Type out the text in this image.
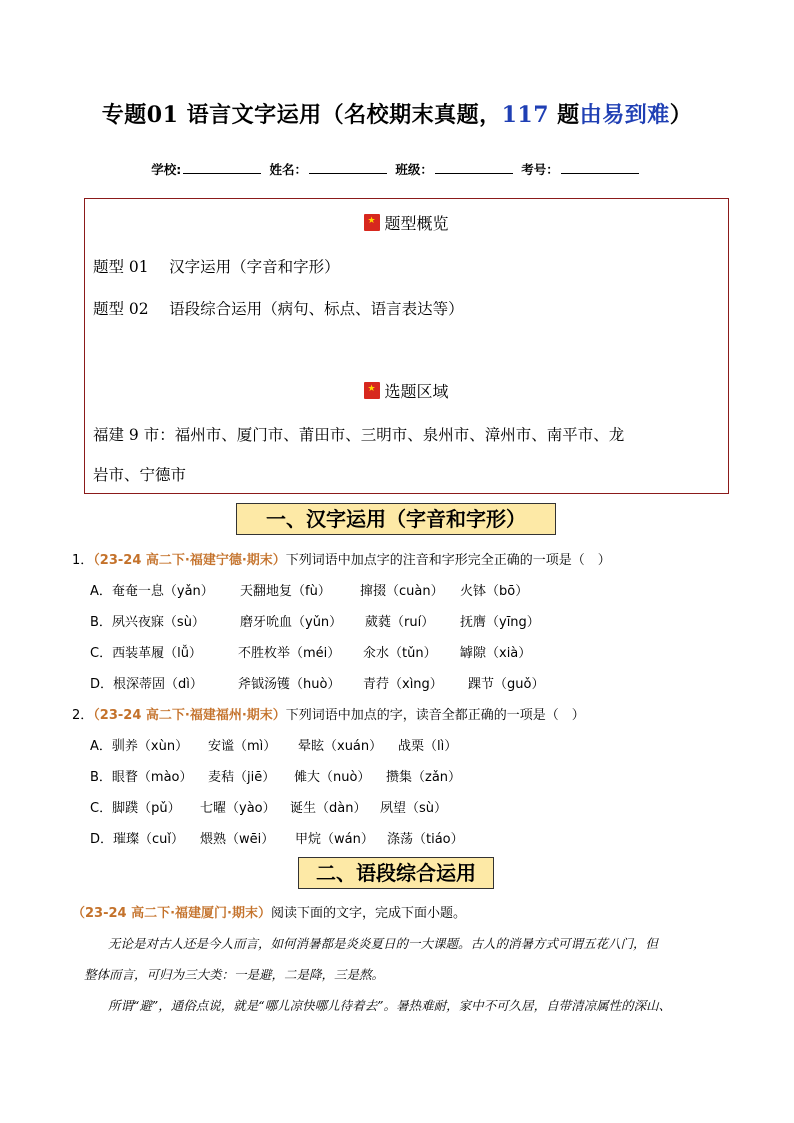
专题01 语言文字运用（名校期末真题，117 题由易到难）
学校:	姓名：	班级：	考号：
★题型概览
题型 01　 汉字运用（字音和字形）
题型 02　 语段综合运用（病句、标点、语言表达等）
★选题区域
福建 9 市：福州市、厦门市、莆田市、三明市、泉州市、漳州市、南平市、龙
岩市、宁德市
一、汉字运用（字音和字形）
1．（23-24 高二下·福建宁德·期末）下列词语中加点字的注音和字形完全正确的一项是（　）
A．奄奄一息（yǎn） 天翻地复（fù） 撺掇（cuàn） 火钵（bō）
B．夙兴夜寐（sù）	磨牙吮血（yǔn） 葳蕤（ruí） 抚膺（yīng）
C．西装革履（lǚ）	不胜枚举（méi） 氽水（tǔn） 罅隙（xià）
D．根深蒂固（dì）	斧钺汤镬（huò） 青荇（xìng） 踝节（guǒ）
2．（23-24 高二下·福建福州·期末）下列词语中加点的字，读音全都正确的一项是（　）
A．驯养（xùn） 安谧（mì） 晕眩（xuán） 战栗（lì）
B．眼瞀（mào） 麦秸（jiē） 傩大（nuò） 攒集（zǎn）
C．脚蹼（pǔ） 七曜（yào） 诞生（dàn） 夙望（sù）
D．璀璨（cuǐ） 煨熟（wēi） 甲烷（wán） 涤荡（tiáo）
二、语段综合运用
（23-24 高二下·福建厦门·期末）阅读下面的文字，完成下面小题。
无论是对古人还是今人而言，如何消暑都是炎炎夏日的一大课题。古人的消暑方式可谓五花八门，但
整体而言，可归为三大类：一是避，二是降，三是熬。
所谓“避”，通俗点说，就是“哪儿凉快哪儿待着去”。暑热难耐，家中不可久居，自带清凉属性的深山、
